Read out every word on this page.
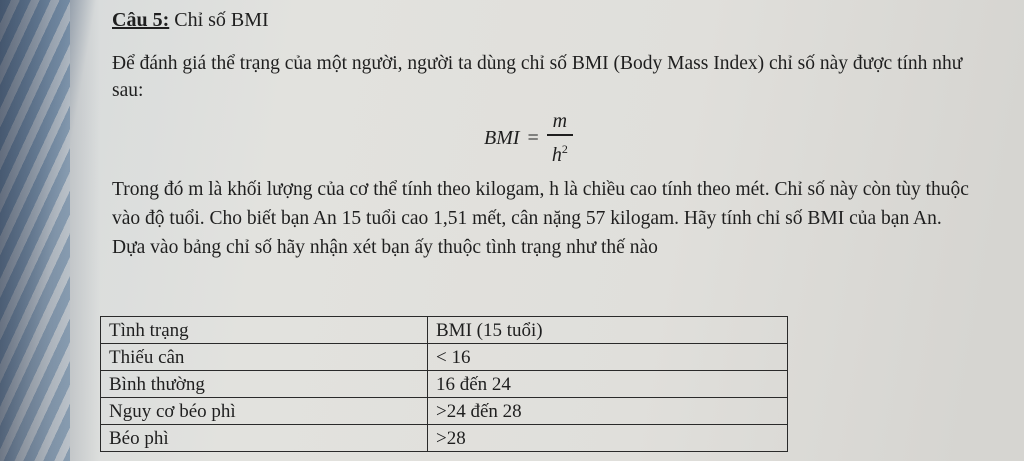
Câu 5: Chỉ số BMI
Để đánh giá thể trạng của một người, người ta dùng chỉ số BMI (Body Mass Index) chỉ số này được tính như sau:
BMI = $\frac{m}{h^2}$
Trong đó m là khối lượng của cơ thể tính theo kilogam, h là chiều cao tính theo mét. Chỉ số này còn tùy thuộc vào độ tuổi. Cho biết bạn An 15 tuổi cao 1,51 mết, cân nặng 57 kilogam. Hãy tính chỉ số BMI của bạn An. Dựa vào bảng chỉ số hãy nhận xét bạn ấy thuộc tình trạng như thế nào
Tình trạng	BMI (15 tuổi)
Thiếu cân	< 16
Bình thường	16 đến 24
Nguy cơ béo phì	>24 đến 28
Béo phì	>28
